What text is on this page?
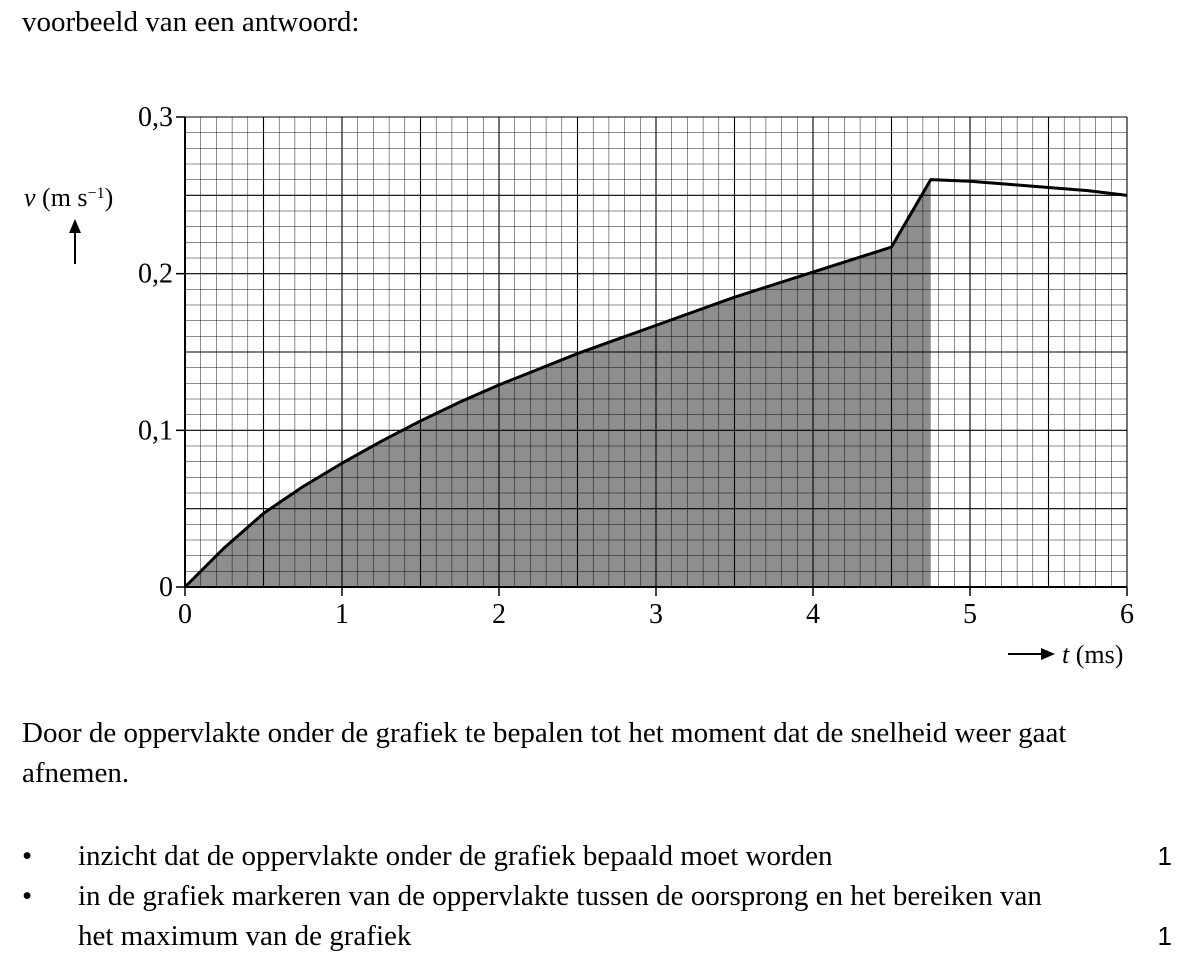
voorbeeld van een antwoord:
0	1	2	3	4	5	6
0
0,1
0,2
0,3
v (m $s^{-1}$)
t (ms)
Door de oppervlakte onder de grafiek te bepalen tot het moment dat de snelheid weer gaat afnemen.
• inzicht dat de oppervlakte onder de grafiek bepaald moet worden	1
• in de grafiek markeren van de oppervlakte tussen de oorsprong en het bereiken van het maximum van de grafiek	1
